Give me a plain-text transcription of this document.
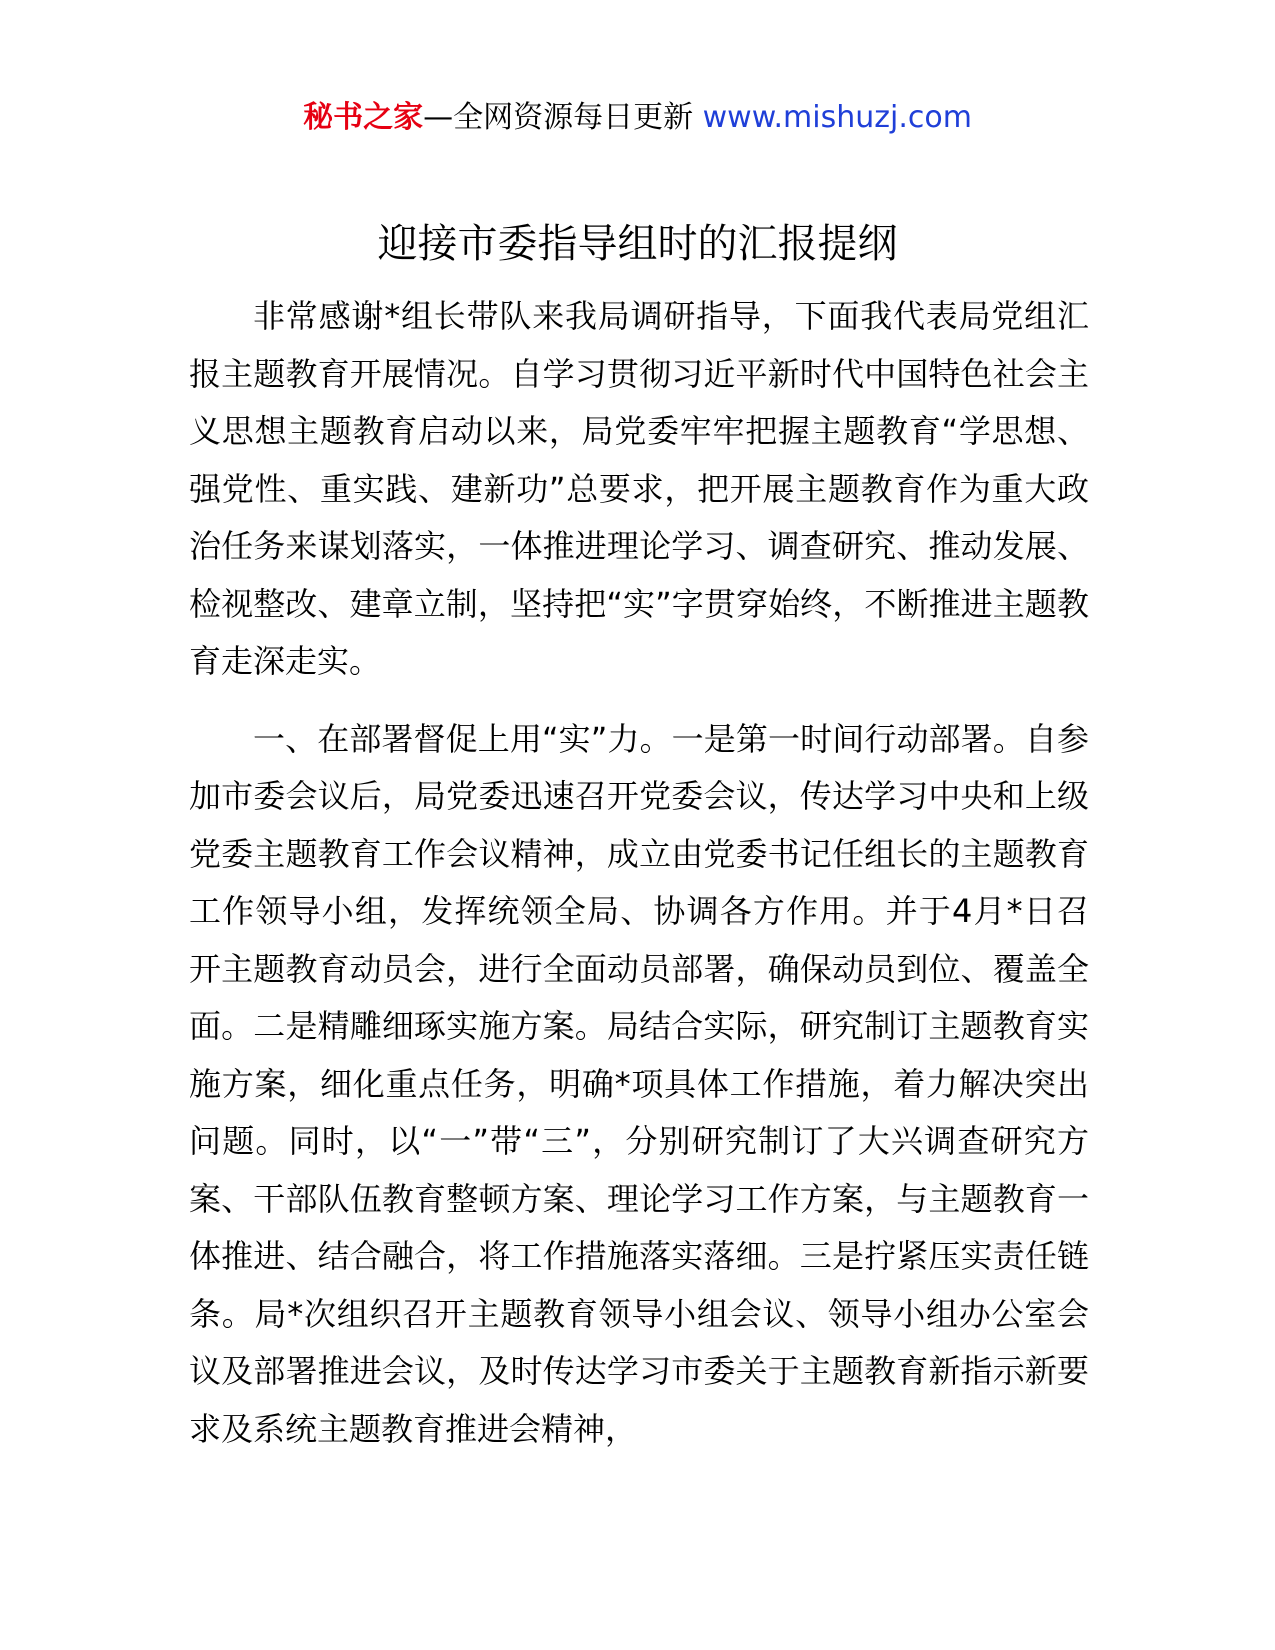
秘书之家—全网资源每日更新 www.mishuzj.com
迎接市委指导组时的汇报提纲

非常感谢*组长带队来我局调研指导，下面我代表局党组汇报主题教育开展情况。自学习贯彻习近平新时代中国特色社会主义思想主题教育启动以来，局党委牢牢把握主题教育“学思想、强党性、重实践、建新功”总要求，把开展主题教育作为重大政治任务来谋划落实，一体推进理论学习、调查研究、推动发展、检视整改、建章立制，坚持把“实”字贯穿始终，不断推进主题教育走深走实。

一、在部署督促上用“实”力。一是第一时间行动部署。自参加市委会议后，局党委迅速召开党委会议，传达学习中央和上级党委主题教育工作会议精神，成立由党委书记任组长的主题教育工作领导小组，发挥统领全局、协调各方作用。并于4月*日召开主题教育动员会，进行全面动员部署，确保动员到位、覆盖全面。二是精雕细琢实施方案。局结合实际，研究制订主题教育实施方案，细化重点任务，明确*项具体工作措施，着力解决突出问题。同时，以“一”带“三”，分别研究制订了大兴调查研究方案、干部队伍教育整顿方案、理论学习工作方案，与主题教育一体推进、结合融合，将工作措施落实落细。三是拧紧压实责任链条。局*次组织召开主题教育领导小组会议、领导小组办公室会议及部署推进会议，及时传达学习市委关于主题教育新指示新要求及系统主题教育推进会精神，
